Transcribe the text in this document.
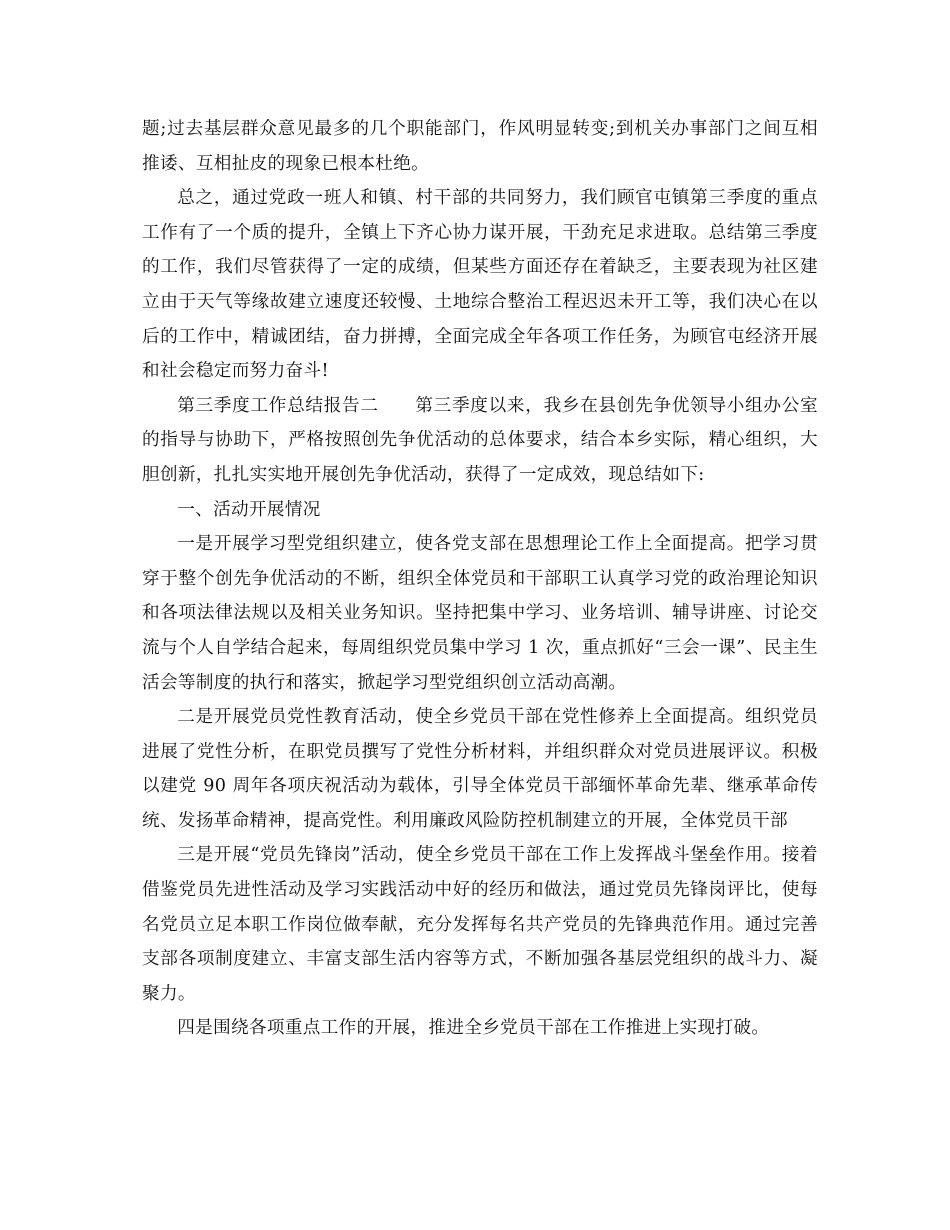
题;过去基层群众意见最多的几个职能部门，作风明显转变;到机关办事部门之间互相推诿、互相扯皮的现象已根本杜绝。

总之，通过党政一班人和镇、村干部的共同努力，我们顾官屯镇第三季度的重点工作有了一个质的提升，全镇上下齐心协力谋开展，干劲充足求进取。总结第三季度的工作，我们尽管获得了一定的成绩，但某些方面还存在着缺乏，主要表现为社区建立由于天气等缘故建立速度还较慢、土地综合整治工程迟迟未开工等，我们决心在以后的工作中，精诚团结，奋力拼搏，全面完成全年各项工作任务，为顾官屯经济开展和社会稳定而努力奋斗!

第三季度工作总结报告二　　第三季度以来，我乡在县创先争优领导小组办公室的指导与协助下，严格按照创先争优活动的总体要求，结合本乡实际，精心组织，大胆创新，扎扎实实地开展创先争优活动，获得了一定成效，现总结如下:

一、活动开展情况

一是开展学习型党组织建立，使各党支部在思想理论工作上全面提高。把学习贯穿于整个创先争优活动的不断，组织全体党员和干部职工认真学习党的政治理论知识和各项法律法规以及相关业务知识。坚持把集中学习、业务培训、辅导讲座、讨论交流与个人自学结合起来，每周组织党员集中学习 1 次，重点抓好“三会一课”、民主生活会等制度的执行和落实，掀起学习型党组织创立活动高潮。

二是开展党员党性教育活动，使全乡党员干部在党性修养上全面提高。组织党员进展了党性分析，在职党员撰写了党性分析材料，并组织群众对党员进展评议。积极以建党 90 周年各项庆祝活动为载体，引导全体党员干部缅怀革命先辈、继承革命传统、发扬革命精神，提高党性。利用廉政风险防控机制建立的开展，全体党员干部

三是开展“党员先锋岗”活动，使全乡党员干部在工作上发挥战斗堡垒作用。接着借鉴党员先进性活动及学习实践活动中好的经历和做法，通过党员先锋岗评比，使每名党员立足本职工作岗位做奉献，充分发挥每名共产党员的先锋典范作用。通过完善支部各项制度建立、丰富支部生活内容等方式，不断加强各基层党组织的战斗力、凝聚力。

四是围绕各项重点工作的开展，推进全乡党员干部在工作推进上实现打破。
